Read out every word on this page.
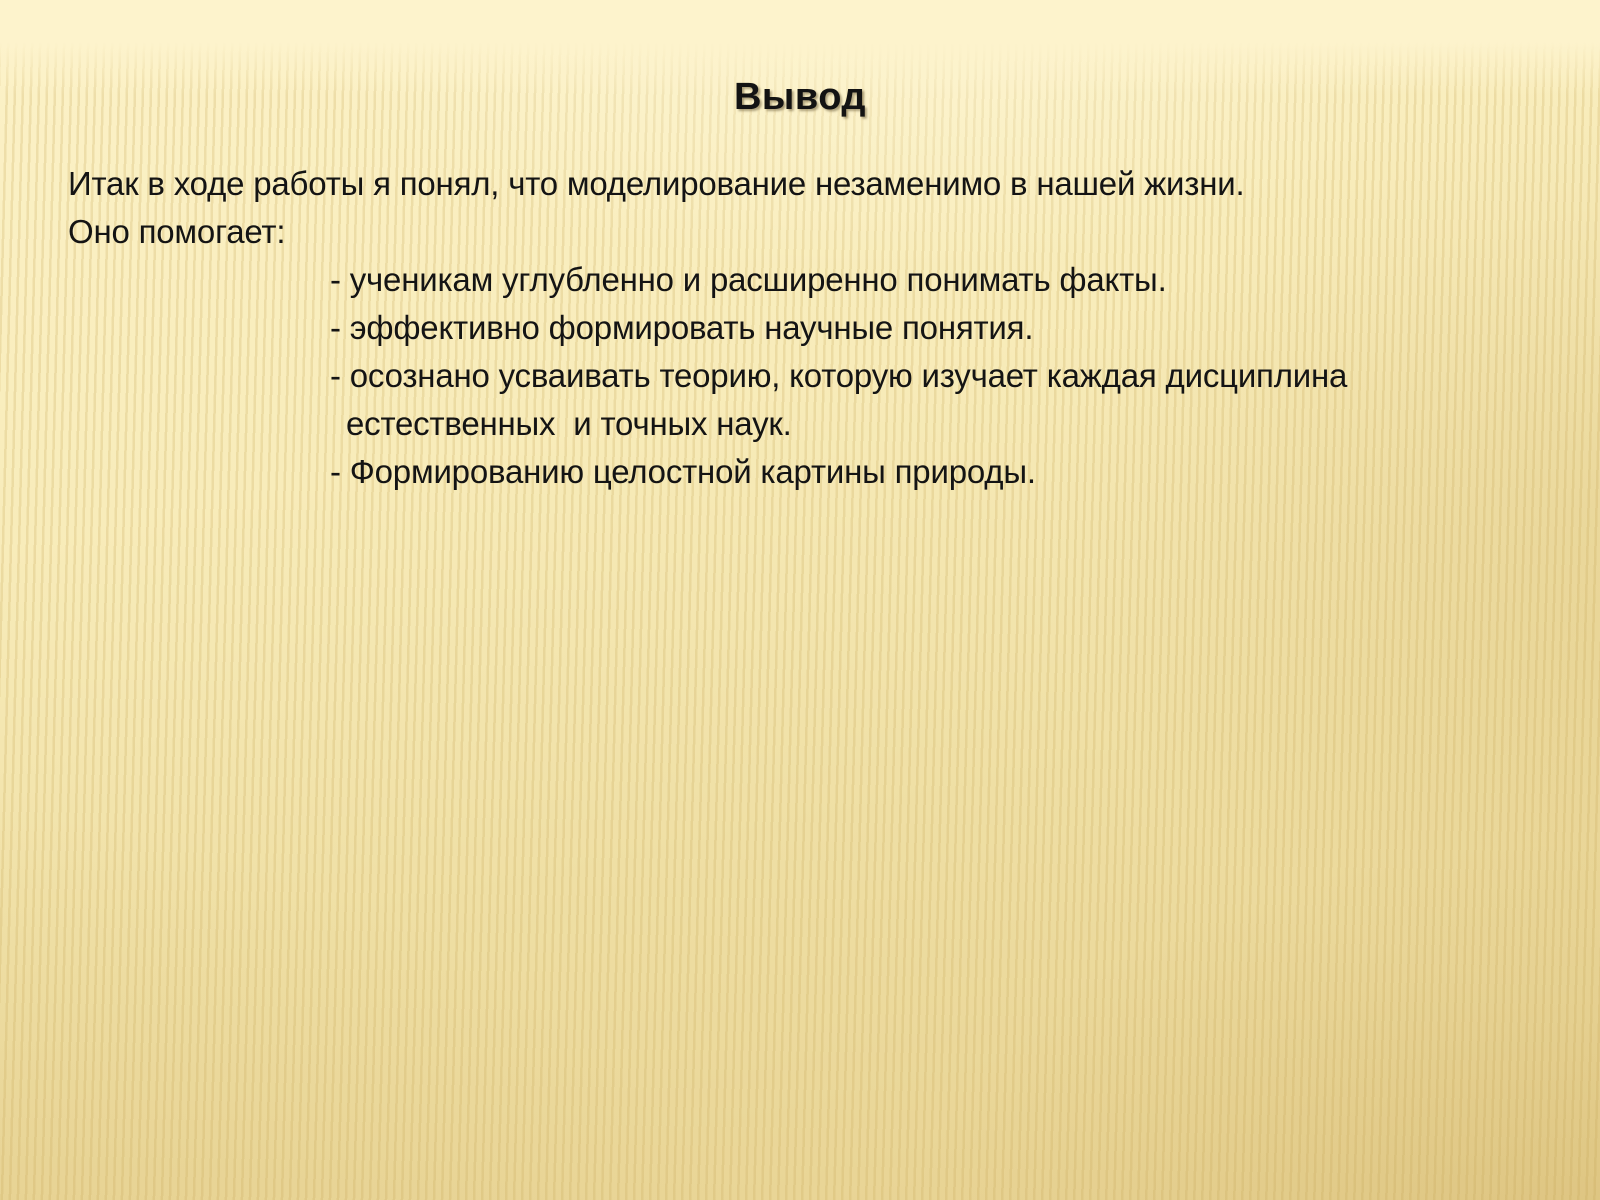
Вывод
Итак в ходе работы я понял, что моделирование незаменимо в нашей жизни.
Оно помогает:
- ученикам углубленно и расширенно понимать факты.
- эффективно формировать научные понятия.
- осознано усваивать теорию, которую изучает каждая дисциплина
естественных  и точных наук.
- Формированию целостной картины природы.
